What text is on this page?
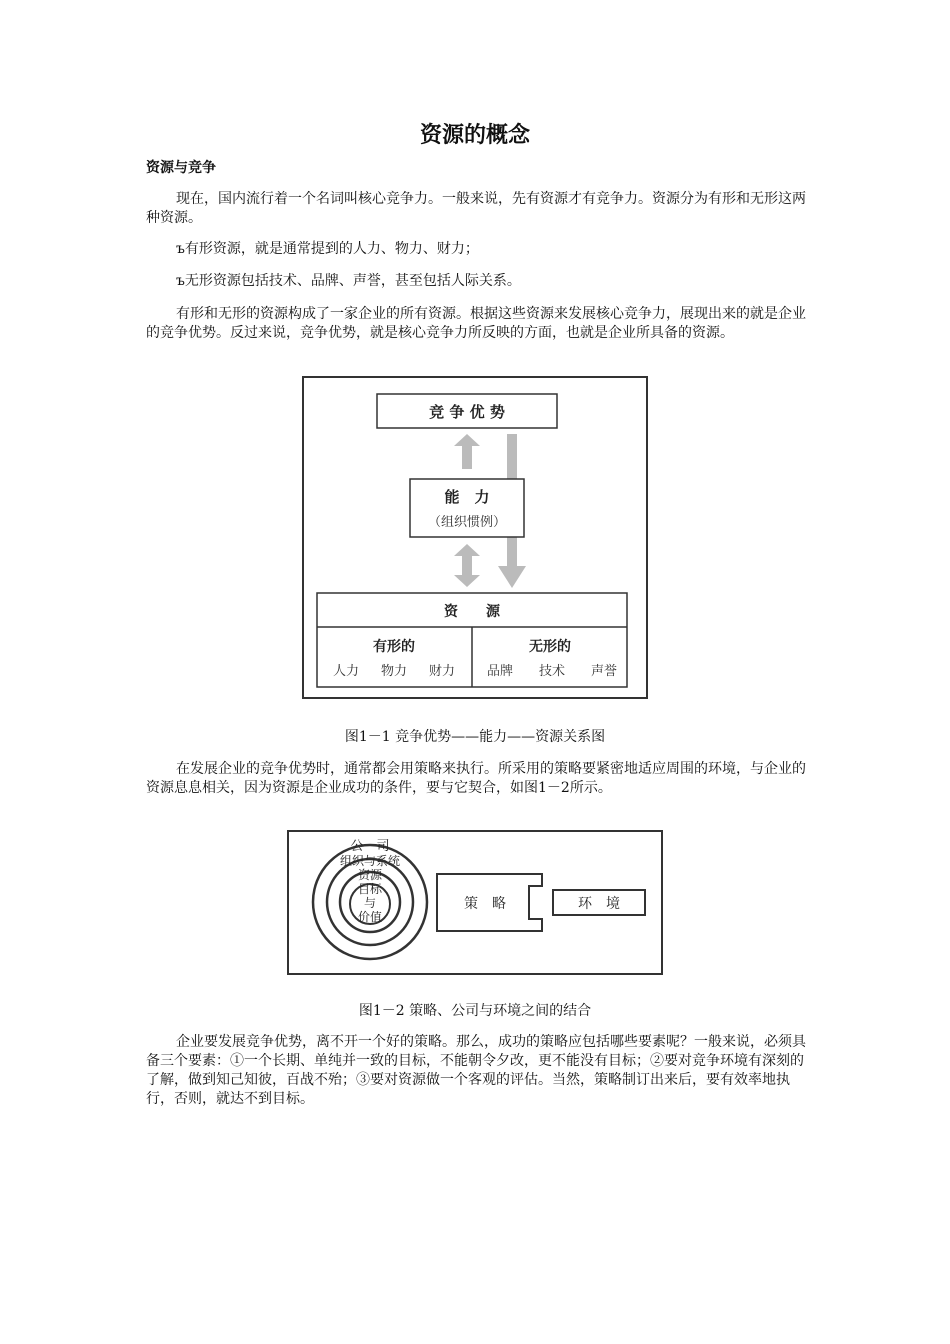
资源的概念
资源与竞争

现在，国内流行着一个名词叫核心竞争力。一般来说，先有资源才有竞争力。资源分为有形和无形这两种资源。

ъ有形资源，就是通常提到的人力、物力、财力；
ъ无形资源包括技术、品牌、声誉，甚至包括人际关系。

有形和无形的资源构成了一家企业的所有资源。根据这些资源来发展核心竞争力，展现出来的就是企业的竞争优势。反过来说，竞争优势，就是核心竞争力所反映的方面，也就是企业所具备的资源。

竞 争 优 势
能　力
（组织惯例）
资　　源
有形的
人力 物力 财力
无形的
品牌 技术 声誉
图1－1 竞争优势——能力——资源关系图

在发展企业的竞争优势时，通常都会用策略来执行。所采用的策略要紧密地适应周围的环境，与企业的资源息息相关，因为资源是企业成功的条件，要与它契合，如图1－2所示。

公　司
组织与系统
资源
目标
与
价值
策　略	环　境
图1－2 策略、公司与环境之间的结合

企业要发展竞争优势，离不开一个好的策略。那么，成功的策略应包括哪些要素呢？一般来说，必须具备三个要素：①一个长期、单纯并一致的目标，不能朝令夕改，更不能没有目标；②要对竞争环境有深刻的了解，做到知己知彼，百战不殆；③要对资源做一个客观的评估。当然，策略制订出来后，要有效率地执行，否则，就达不到目标。
